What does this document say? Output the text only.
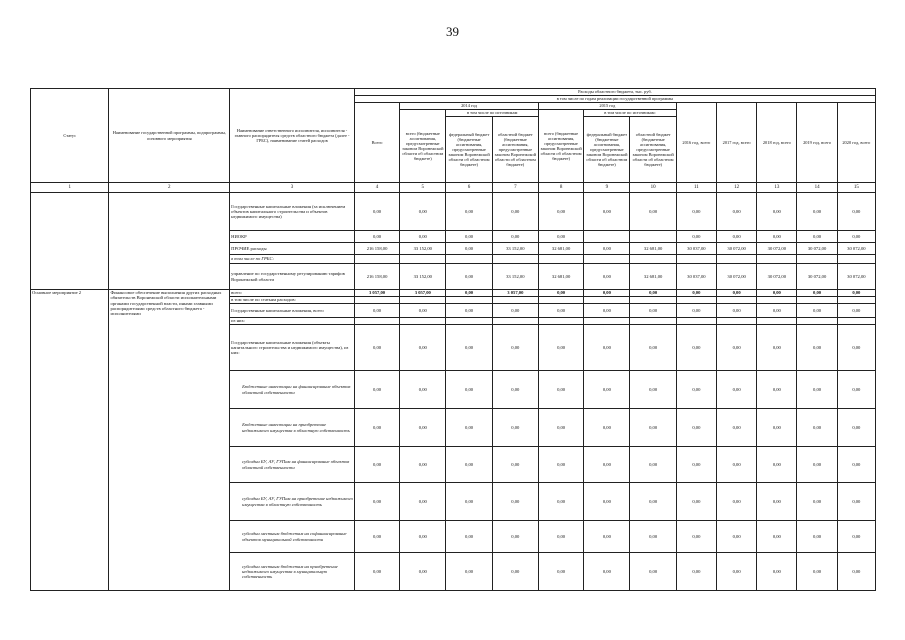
39
Статус	Наименование государственной программы, подпрограммы, основного мероприятия	Наименование ответственного исполнителя, исполнителя - главного распорядителя средств областного бюджета (далее - ГРБС), наименование статей расходов	Расходы областного бюджета, тыс. руб.											
			в том числе по годам реализации государственной программы											
			Всего	2014 год			2015 год			2016 год, всего	2017 год, всего	2018 год, всего	2019 год, всего	2020 год, всего
				всего (бюджетные ассигнования, предусмотренные законом Воронежской области об областном бюджете)	в том числе по источникам		всего (бюджетные ассигнования, предусмотренные законом Воронежской области об областном бюджете)	в том числе по источникам:						
					федеральный бюджет (бюджетные ассигнования, предусмотренные законом Воронежской области об областном бюджете)	областной бюджет (бюджетные ассигнования, предусмотренные законом Воронежской области об областном бюджете)		федеральный бюджет (бюджетные ассигнования, предусмотренные законом Воронежской области об областном бюджете)	областной бюджет (бюджетные ассигнования, предусмотренные законом Воронежской области об областном бюджете)					
1	2	3	4	5	6	7	8	9	10	11	12	13	14	15
		Государственные капитальные вложения (за исключением объектов капитального строительства и объектов недвижимого имущества)	0,00	0,00	0,00	0,00	0,00	0,00	0,00	0,00	0,00	0,00	0,00	0,00
		НИОКР	0,00	0,00	0,00	0,00	0,00			0,00	0,00	0,00	0,00	0,00
		ПРОЧИЕ расходы	216 158,00	33 152,00	0,00	33 152,00	32 681,00	0,00	32 681,00	30 037,00	30 072,00	30 072,00	30 072,00	30 072,00
		в том числе по ГРБС:												
		управление по государственному регулированию тарифов Воронежской области	216 158,00	33 152,00	0,00	33 152,00	32 681,00	0,00	32 681,00	30 037,00	30 072,00	30 072,00	30 072,00	30 072,00
Основное мероприятие 2	Финансовое обеспечение выполнения других расходных обязательств Воронежской области исполнительными органами государственной власти, иными главными распорядителями средств областного бюджета - исполнителями	всего	3 057,00	3 057,00	0,00	3 057,00	0,00	0,00	0,00	0,00	0,00	0,00	0,00	0,00
		в том числе по статьям расходов:												
		Государственные капитальные вложения, всего	0,00	0,00	0,00	0,00	0,00	0,00	0,00	0,00	0,00	0,00	0,00	0,00
		из них:												
		Государственные капитальные вложения (объекты капитального строительства и недвижимого имущества), из них:	0,00	0,00	0,00	0,00	0,00	0,00	0,00	0,00	0,00	0,00	0,00	0,00
		Бюджетные инвестиции на финансирование объектов областной собственности	0,00	0,00	0,00	0,00	0,00	0,00	0,00	0,00	0,00	0,00	0,00	0,00
		Бюджетные инвестиции на приобретение недвижимого имущества в областную собственность	0,00	0,00	0,00	0,00	0,00	0,00	0,00	0,00	0,00	0,00	0,00	0,00
		субсидии БУ, АУ, ГУПам на финансирование объектов областной собственности	0,00	0,00	0,00	0,00	0,00	0,00	0,00	0,00	0,00	0,00	0,00	0,00
		субсидии БУ, АУ, ГУПам на приобретение недвижимого имущества в областную собственность	0,00	0,00	0,00	0,00	0,00	0,00	0,00	0,00	0,00	0,00	0,00	0,00
		субсидии местным бюджетам на софинансирование объектов муниципальной собственности	0,00	0,00	0,00	0,00	0,00	0,00	0,00	0,00	0,00	0,00	0,00	0,00
		субсидии местным бюджетам на приобретение недвижимого имущества в муниципальную собственность	0,00	0,00	0,00	0,00	0,00	0,00	0,00	0,00	0,00	0,00	0,00	0,00
